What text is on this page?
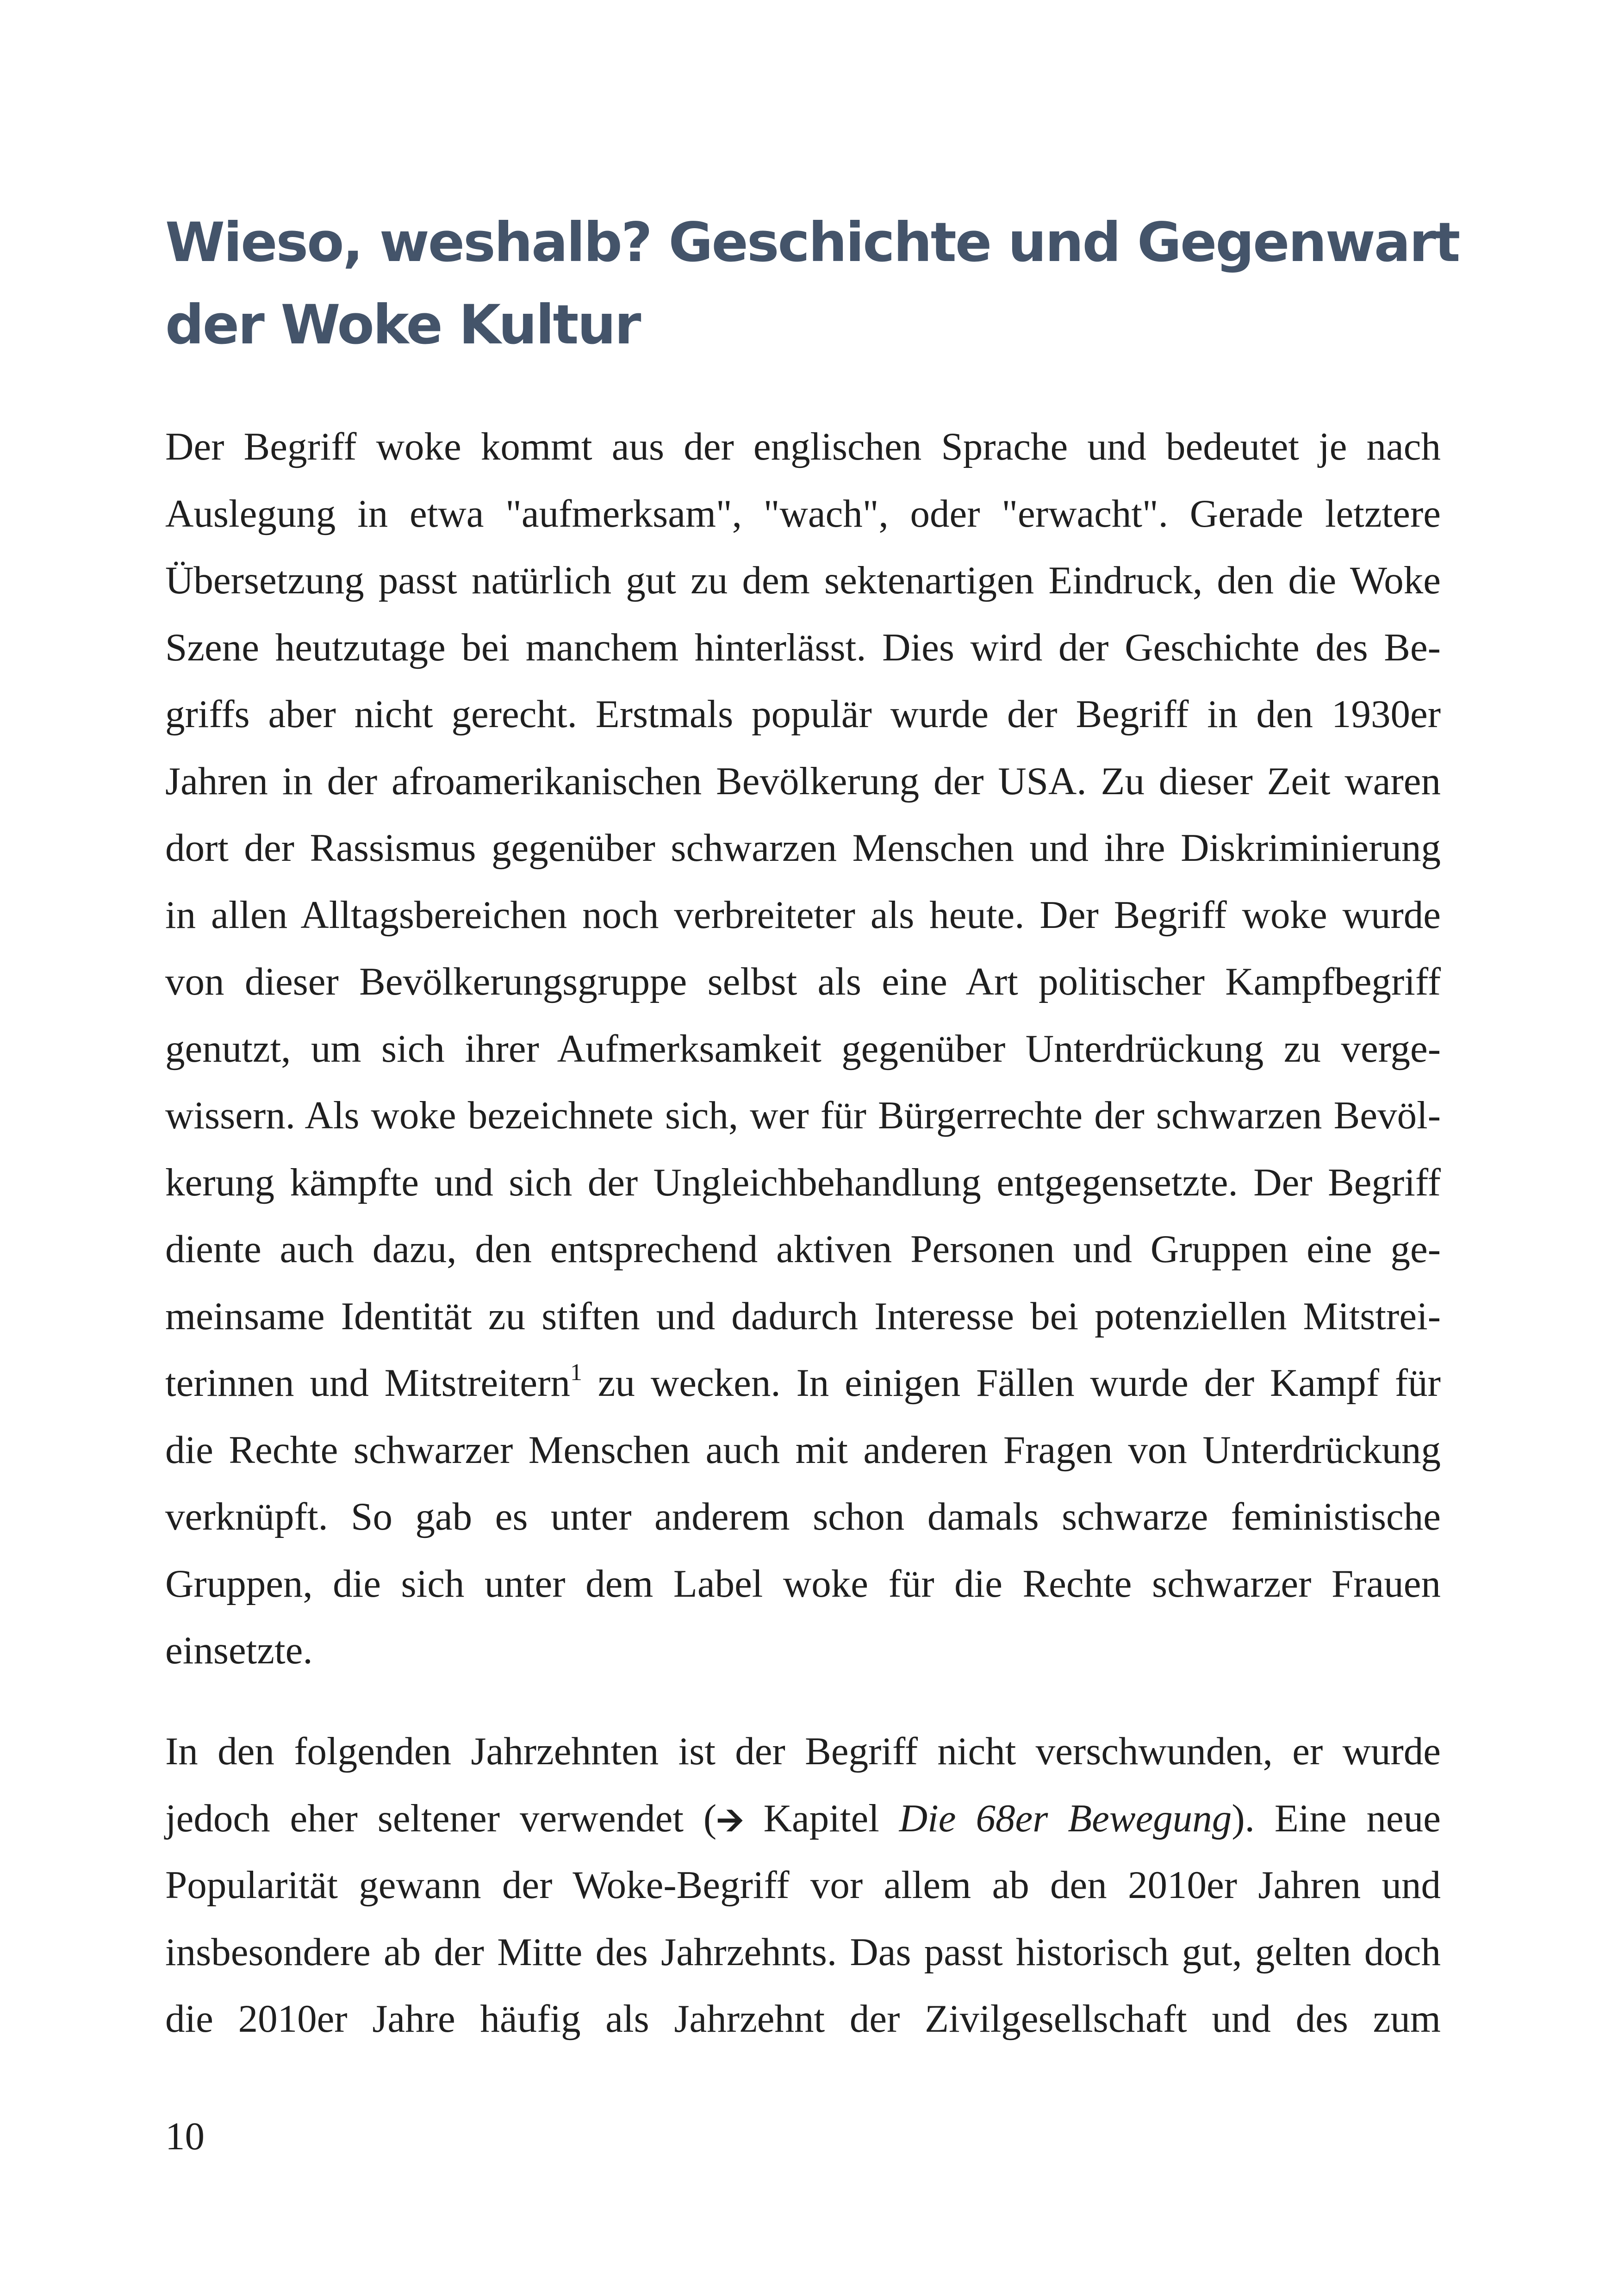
Wieso, weshalb? Geschichte und Gegenwart
der Woke Kultur
Der Begriff woke kommt aus der englischen Sprache und bedeutet je nach
Auslegung in etwa "aufmerksam", "wach", oder "erwacht". Gerade letztere
Übersetzung passt natürlich gut zu dem sektenartigen Eindruck, den die Woke
Szene heutzutage bei manchem hinterlässt. Dies wird der Geschichte des Be-
griffs aber nicht gerecht. Erstmals populär wurde der Begriff in den 1930er
Jahren in der afroamerikanischen Bevölkerung der USA. Zu dieser Zeit waren
dort der Rassismus gegenüber schwarzen Menschen und ihre Diskriminierung
in allen Alltagsbereichen noch verbreiteter als heute. Der Begriff woke wurde
von dieser Bevölkerungsgruppe selbst als eine Art politischer Kampfbegriff
genutzt, um sich ihrer Aufmerksamkeit gegenüber Unterdrückung zu verge-
wissern. Als woke bezeichnete sich, wer für Bürgerrechte der schwarzen Bevöl-
kerung kämpfte und sich der Ungleichbehandlung entgegensetzte. Der Begriff
diente auch dazu, den entsprechend aktiven Personen und Gruppen eine ge-
meinsame Identität zu stiften und dadurch Interesse bei potenziellen Mitstrei-
terinnen und Mitstreitern$^1$ zu wecken. In einigen Fällen wurde der Kampf für
die Rechte schwarzer Menschen auch mit anderen Fragen von Unterdrückung
verknüpft. So gab es unter anderem schon damals schwarze feministische
Gruppen, die sich unter dem Label woke für die Rechte schwarzer Frauen
einsetzte.
In den folgenden Jahrzehnten ist der Begriff nicht verschwunden, er wurde
jedoch eher seltener verwendet (🡪 Kapitel Die 68er Bewegung). Eine neue
Popularität gewann der Woke-Begriff vor allem ab den 2010er Jahren und
insbesondere ab der Mitte des Jahrzehnts. Das passt historisch gut, gelten doch
die 2010er Jahre häufig als Jahrzehnt der Zivilgesellschaft und des zum
10
